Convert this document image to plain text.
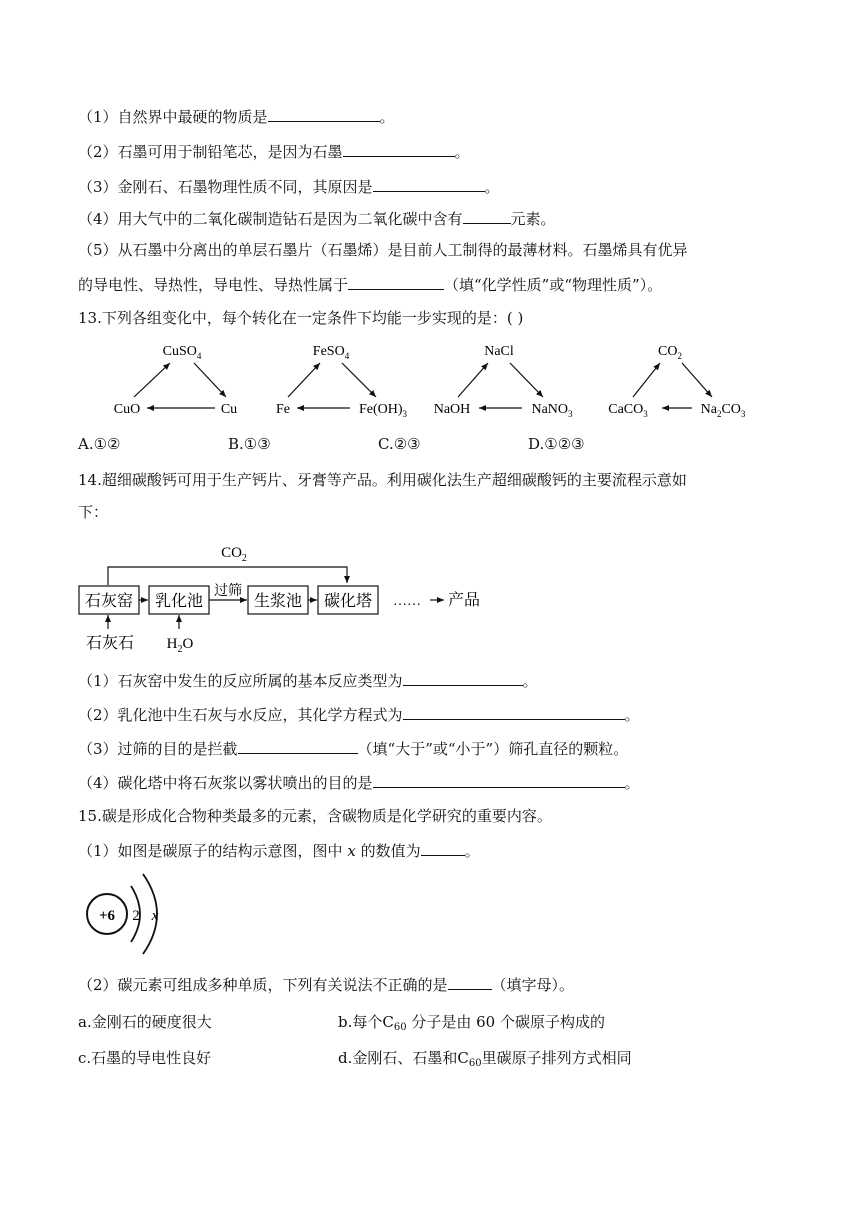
（1）自然界中最硬的物质是	。
（2）石墨可用于制铅笔芯，是因为石墨	。
（3）金刚石、石墨物理性质不同，其原因是	。
（4）用大气中的二氧化碳制造钻石是因为二氧化碳中含有	元素。
（5）从石墨中分离出的单层石墨片（石墨烯）是目前人工制得的最薄材料。石墨烯具有优异
的导电性、导热性，导电性、导热性属于	（填“化学性质”或“物理性质”）。
13.下列各组变化中，每个转化在一定条件下均能一步实现的是：( )
CuSO$_4$
CuO	Cu
FeSO$_4$
Fe	$Fe(OH)_3$
NaCl
NaOH	NaNO$_3$
$CO_2$
CaCO$_3$	$Na_2CO_3$
A.①②	B.①③	C.②③	D.①②③
14.超细碳酸钙可用于生产钙片、牙膏等产品。利用碳化法生产超细碳酸钙的主要流程示意如
下：
$CO_2$
石灰窑 乳化池	生浆池 碳化塔
过筛
…… 产品
石灰石 $H_2O$
（1）石灰窑中发生的反应所属的基本反应类型为	。
（2）乳化池中生石灰与水反应，其化学方程式为	。
（3）过筛的目的是拦截	（填“大于”或“小于”）筛孔直径的颗粒。
（4）碳化塔中将石灰浆以雾状喷出的目的是	。
15.碳是形成化合物种类最多的元素，含碳物质是化学研究的重要内容。
（1）如图是碳原子的结构示意图，图中 x 的数值为	。
+6 2 x
（2）碳元素可组成多种单质，下列有关说法不正确的是	（填字母）。
a.金刚石的硬度很大	b.每个$C_{60}$ 分子是由 60 个碳原子构成的
c.石墨的导电性良好	d.金刚石、石墨和$C_{60}$里碳原子排列方式相同
